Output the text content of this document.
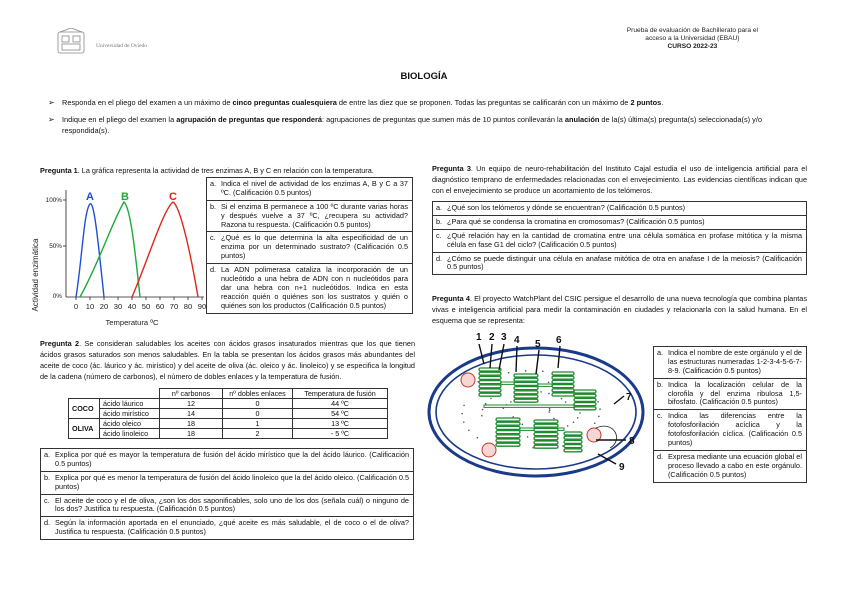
Universidad de Oviedo
Prueba de evaluación de Bachillerato para el
acceso a la Universidad (EBAU)
CURSO 2022-23
BIOLOGÍA
➢ Responda en el pliego del examen a un máximo de cinco preguntas cualesquiera de entre las diez que se proponen. Todas las preguntas se calificarán con un máximo de 2 puntos.
➢ Indique en el pliego del examen la agrupación de preguntas que responderá: agrupaciones de preguntas que sumen más de 10 puntos conllevarán la anulación de la(s) última(s) pregunta(s) seleccionada(s) y/o respondida(s).
Pregunta 1. La gráfica representa la actividad de tres enzimas A, B y C en relación con la temperatura.
Actividad enzimática
100%
50%
0%
0 10 20 30 40 50 60 70 80 90
A B	C
Temperatura ºC
a. Indica el nivel de actividad de los enzimas A, B y C a 37 ºC. (Calificación 0.5 puntos)
b. Si el enzima B permanece a 100 ºC durante varias horas y después vuelve a 37 ºC, ¿recupera su actividad? Razona tu respuesta. (Calificación 0.5 puntos)
c. ¿Qué es lo que determina la alta especificidad de un enzima por un determinado sustrato? (Calificación 0.5 puntos)
d. La ADN polimerasa cataliza la incorporación de un nucleótido a una hebra de ADN con n nucleótidos para dar una hebra con n+1 nucleótidos. Indica en esta reacción quién o quiénes son los sustratos y quién o quiénes son los productos (Calificación 0.5 puntos)
Pregunta 2. Se consideran saludables los aceites con ácidos grasos insaturados mientras que los que tienen ácidos grasos saturados son menos saludables. En la tabla se presentan los ácidos grasos más abundantes del aceite de coco (ác. láurico y ác. mirístico) y del aceite de oliva (ác. oleico y ác. linoleico) y se especifica la longitud de la cadena (número de carbonos), el número de dobles enlaces y la temperatura de fusión.
		nº carbonos	nº dobles enlaces	Temperatura de fusión
COCO	ácido láurico	12	0	44 ºC
	ácido mirístico	14	0	54 ºC
OLIVA	ácido oleico	18	1	13 ºC
	ácido linoleico	18	2	- 5 ºC
a. Explica por qué es mayor la temperatura de fusión del ácido mirístico que la del ácido láurico. (Calificación 0.5 puntos)
b. Explica por qué es menor la temperatura de fusión del ácido linoleico que la del ácido oleico. (Calificación 0.5 puntos)
c. El aceite de coco y el de oliva, ¿son los dos saponificables, solo uno de los dos (señala cuál) o ninguno de los dos? Justifica tu respuesta. (Calificación 0.5 puntos)
d. Según la información aportada en el enunciado, ¿qué aceite es más saludable, el de coco o el de oliva? Justifica tu respuesta. (Calificación 0.5 puntos)
Pregunta 3. Un equipo de neuro-rehabilitación del Instituto Cajal estudia el uso de inteligencia artificial para el diagnóstico temprano de enfermedades relacionadas con el envejecimiento. Las evidencias científicas indican que con el envejecimiento se produce un acortamiento de los telómeros.
a. ¿Qué son los telómeros y dónde se encuentran? (Calificación 0.5 puntos)
b. ¿Para qué se condensa la cromatina en cromosomas? (Calificación 0.5 puntos)
c. ¿Qué relación hay en la cantidad de cromatina entre una célula somática en profase mitótica y la misma célula en fase G1 del ciclo? (Calificación 0.5 puntos)
d. ¿Cómo se puede distinguir una célula en anafase mitótica de otra en anafase I de la meiosis? (Calificación 0.5 puntos)
Pregunta 4. El proyecto WatchPlant del CSIC persigue el desarrollo de una nueva tecnología que combina plantas vivas e inteligencia artificial para medir la contaminación en ciudades y relacionarla con la salud humana. En el esquema que se representa:
1 2 3 4 5 6
7
8
9
a. Indica el nombre de este orgánulo y el de las estructuras numeradas 1-2-3-4-5-6-7-8-9. (Calificación 0.5 puntos)
b. Indica la localización celular de la clorofila y del enzima ribulosa 1,5-bifosfato. (Calificación 0.5 puntos)
c. Indica las diferencias entre la fotofosforilación acíclica y la fotofosforilación cíclica. (Calificación 0.5 puntos)
d. Expresa mediante una ecuación global el proceso llevado a cabo en este orgánulo. (Calificación 0.5 puntos)
